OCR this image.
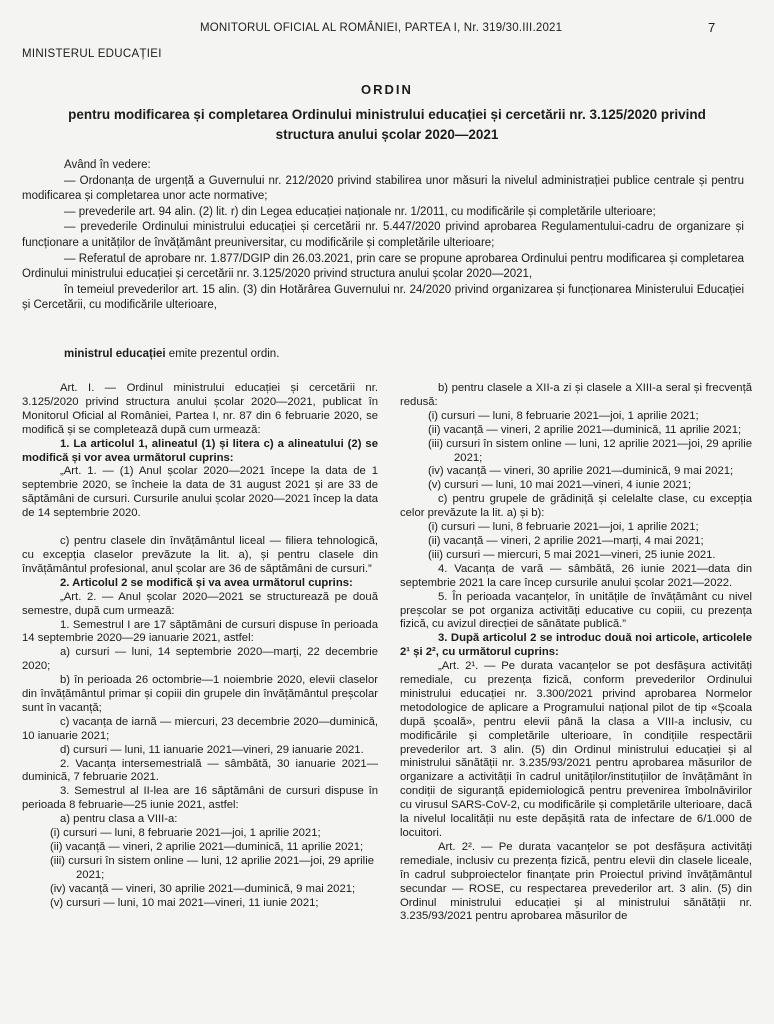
MONITORUL OFICIAL AL ROMÂNIEI, PARTEA I, Nr. 319/30.III.2021	7
MINISTERUL EDUCAȚIEI
ORDIN
pentru modificarea și completarea Ordinului ministrului educației și cercetării nr. 3.125/2020 privind structura anului școlar 2020—2021

Având în vedere:

— Ordonanța de urgență a Guvernului nr. 212/2020 privind stabilirea unor măsuri la nivelul administrației publice centrale și pentru modificarea și completarea unor acte normative;

— prevederile art. 94 alin. (2) lit. r) din Legea educației naționale nr. 1/2011, cu modificările și completările ulterioare;

— prevederile Ordinului ministrului educației și cercetării nr. 5.447/2020 privind aprobarea Regulamentului-cadru de organizare și funcționare a unităților de învățământ preuniversitar, cu modificările și completările ulterioare;

— Referatul de aprobare nr. 1.877/DGIP din 26.03.2021, prin care se propune aprobarea Ordinului pentru modificarea și completarea Ordinului ministrului educației și cercetării nr. 3.125/2020 privind structura anului școlar 2020—2021,

în temeiul prevederilor art. 15 alin. (3) din Hotărârea Guvernului nr. 24/2020 privind organizarea și funcționarea Ministerului Educației și Cercetării, cu modificările ulterioare,

ministrul educației emite prezentul ordin.

Art. I. — Ordinul ministrului educației și cercetării nr. 3.125/2020 privind structura anului școlar 2020—2021, publicat în Monitorul Oficial al României, Partea I, nr. 87 din 6 februarie 2020, se modifică și se completează după cum urmează:

1. La articolul 1, alineatul (1) și litera c) a alineatului (2) se modifică și vor avea următorul cuprins:

„Art. 1. — (1) Anul școlar 2020—2021 începe la data de 1 septembrie 2020, se încheie la data de 31 august 2021 și are 33 de săptămâni de cursuri. Cursurile anului școlar 2020—2021 încep la data de 14 septembrie 2020.

c) pentru clasele din învățământul liceal — filiera tehnologică, cu excepția claselor prevăzute la lit. a), și pentru clasele din învățământul profesional, anul școlar are 36 de săptămâni de cursuri.”

2. Articolul 2 se modifică și va avea următorul cuprins:

„Art. 2. — Anul școlar 2020—2021 se structurează pe două semestre, după cum urmează:

1. Semestrul I are 17 săptămâni de cursuri dispuse în perioada 14 septembrie 2020—29 ianuarie 2021, astfel:

a) cursuri — luni, 14 septembrie 2020—marți, 22 decembrie 2020;

b) în perioada 26 octombrie—1 noiembrie 2020, elevii claselor din învățământul primar și copiii din grupele din învățământul preșcolar sunt în vacanță;

c) vacanța de iarnă — miercuri, 23 decembrie 2020—duminică, 10 ianuarie 2021;

d) cursuri — luni, 11 ianuarie 2021—vineri, 29 ianuarie 2021.

2. Vacanța intersemestrială — sâmbătă, 30 ianuarie 2021—duminică, 7 februarie 2021.

3. Semestrul al II-lea are 16 săptămâni de cursuri dispuse în perioada 8 februarie—25 iunie 2021, astfel:

a) pentru clasa a VIII-a:

(i) cursuri — luni, 8 februarie 2021—joi, 1 aprilie 2021;

(ii) vacanță — vineri, 2 aprilie 2021—duminică, 11 aprilie 2021;

(iii) cursuri în sistem online — luni, 12 aprilie 2021—joi, 29 aprilie 2021;

(iv) vacanță — vineri, 30 aprilie 2021—duminică, 9 mai 2021;

(v) cursuri — luni, 10 mai 2021—vineri, 11 iunie 2021;

b) pentru clasele a XII-a zi și clasele a XIII-a seral și frecvență redusă:

(i) cursuri — luni, 8 februarie 2021—joi, 1 aprilie 2021;

(ii) vacanță — vineri, 2 aprilie 2021—duminică, 11 aprilie 2021;

(iii) cursuri în sistem online — luni, 12 aprilie 2021—joi, 29 aprilie 2021;

(iv) vacanță — vineri, 30 aprilie 2021—duminică, 9 mai 2021;

(v) cursuri — luni, 10 mai 2021—vineri, 4 iunie 2021;

c) pentru grupele de grădiniță și celelalte clase, cu excepția celor prevăzute la lit. a) și b):

(i) cursuri — luni, 8 februarie 2021—joi, 1 aprilie 2021;

(ii) vacanță — vineri, 2 aprilie 2021—marți, 4 mai 2021;

(iii) cursuri — miercuri, 5 mai 2021—vineri, 25 iunie 2021.

4. Vacanța de vară — sâmbătă, 26 iunie 2021—data din septembrie 2021 la care încep cursurile anului școlar 2021—2022.

5. În perioada vacanțelor, în unitățile de învățământ cu nivel preșcolar se pot organiza activități educative cu copiii, cu prezența fizică, cu avizul direcției de sănătate publică.”

3. După articolul 2 se introduc două noi articole, articolele 2¹ și 2², cu următorul cuprins:

„Art. 2¹. — Pe durata vacanțelor se pot desfășura activități remediale, cu prezența fizică, conform prevederilor Ordinului ministrului educației nr. 3.300/2021 privind aprobarea Normelor metodologice de aplicare a Programului național pilot de tip «Școala după școală», pentru elevii până la clasa a VIII-a inclusiv, cu modificările și completările ulterioare, în condițiile respectării prevederilor art. 3 alin. (5) din Ordinul ministrului educației și al ministrului sănătății nr. 3.235/93/2021 pentru aprobarea măsurilor de organizare a activității în cadrul unităților/instituțiilor de învățământ în condiții de siguranță epidemiologică pentru prevenirea îmbolnăvirilor cu virusul SARS-CoV-2, cu modificările și completările ulterioare, dacă la nivelul localității nu este depășită rata de infectare de 6/1.000 de locuitori.

Art. 2². — Pe durata vacanțelor se pot desfășura activități remediale, inclusiv cu prezența fizică, pentru elevii din clasele liceale, în cadrul subproiectelor finanțate prin Proiectul privind învățământul secundar — ROSE, cu respectarea prevederilor art. 3 alin. (5) din Ordinul ministrului educației și al ministrului sănătății nr. 3.235/93/2021 pentru aprobarea măsurilor de
